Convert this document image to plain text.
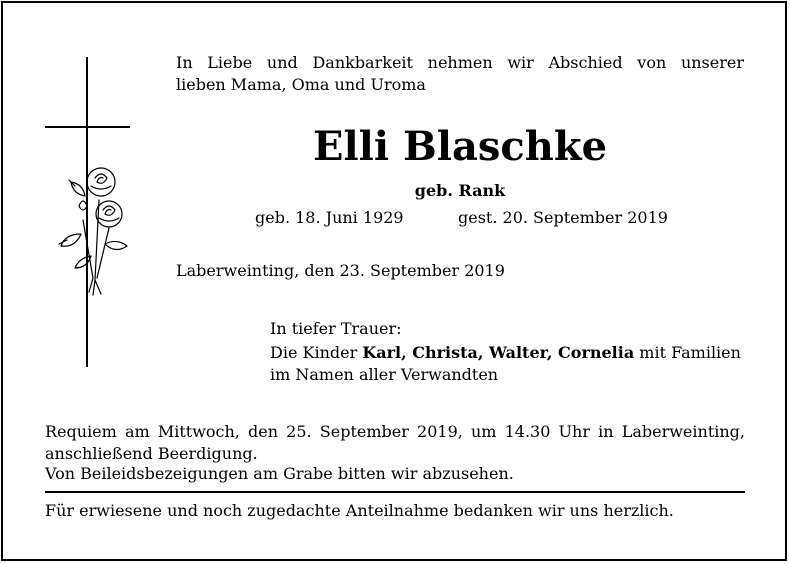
In Liebe und Dankbarkeit nehmen wir Abschied von unserer
lieben Mama, Oma und Uroma
Elli Blaschke
geb. Rank
geb. 18. Juni 1929	gest. 20. September 2019
Laberweinting, den 23. September 2019
In tiefer Trauer:
Die Kinder Karl, Christa, Walter, Cornelia mit Familien
im Namen aller Verwandten
Requiem am Mittwoch, den 25. September 2019, um 14.30 Uhr in Laberweinting,
anschließend Beerdigung.
Von Beileidsbezeigungen am Grabe bitten wir abzusehen.
Für erwiesene und noch zugedachte Anteilnahme bedanken wir uns herzlich.
